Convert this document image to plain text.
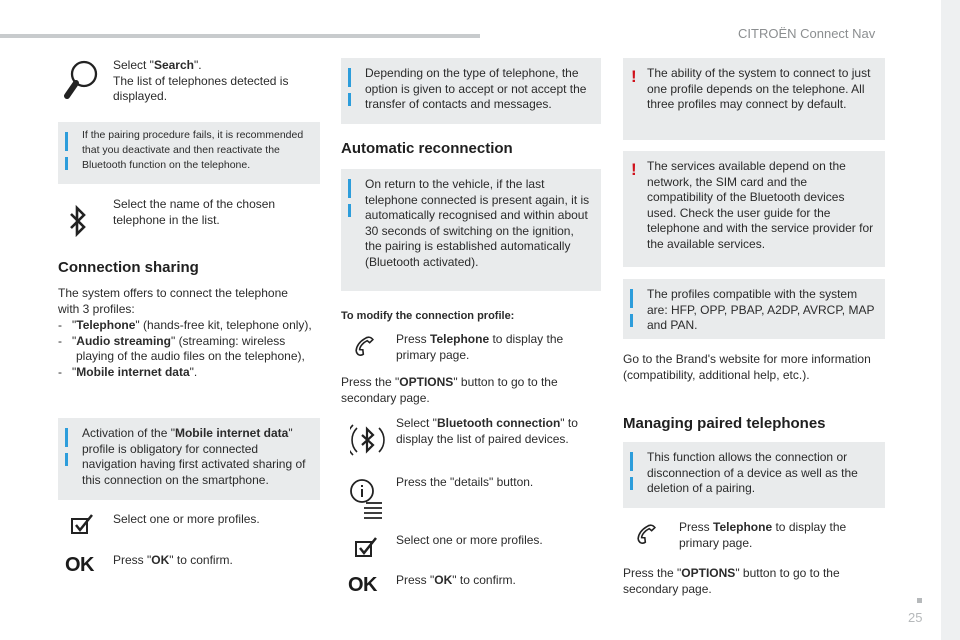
CITROËN Connect Nav
25
Select "Search".
The list of telephones detected is displayed.
If the pairing procedure fails, it is recommended that you deactivate and then reactivate the Bluetooth function on the telephone.
Select the name of the chosen telephone in the list.
Connection sharing
The system offers to connect the telephone with 3 profiles:
- "Telephone" (hands-free kit, telephone only),
- "Audio streaming" (streaming: wireless playing of the audio files on the telephone),
- "Mobile internet data".
Activation of the "Mobile internet data" profile is obligatory for connected navigation having first activated sharing of this connection on the smartphone.
Select one or more profiles.
OK Press "OK" to confirm.
Depending on the type of telephone, the option is given to accept or not accept the transfer of contacts and messages.
Automatic reconnection
On return to the vehicle, if the last telephone connected is present again, it is automatically recognised and within about 30 seconds of switching on the ignition, the pairing is established automatically (Bluetooth activated).
To modify the connection profile:
Press Telephone to display the primary page.
Press the "OPTIONS" button to go to the secondary page.
Select "Bluetooth connection" to display the list of paired devices.
Press the "details" button.
Select one or more profiles.
OK Press "OK" to confirm.
! The ability of the system to connect to just one profile depends on the telephone. All three profiles may connect by default.
! The services available depend on the network, the SIM card and the compatibility of the Bluetooth devices used. Check the user guide for the telephone and with the service provider for the available services.
The profiles compatible with the system are: HFP, OPP, PBAP, A2DP, AVRCP, MAP and PAN.
Go to the Brand's website for more information (compatibility, additional help, etc.).
Managing paired telephones
This function allows the connection or disconnection of a device as well as the deletion of a pairing.
Press Telephone to display the primary page.
Press the "OPTIONS" button to go to the secondary page.
